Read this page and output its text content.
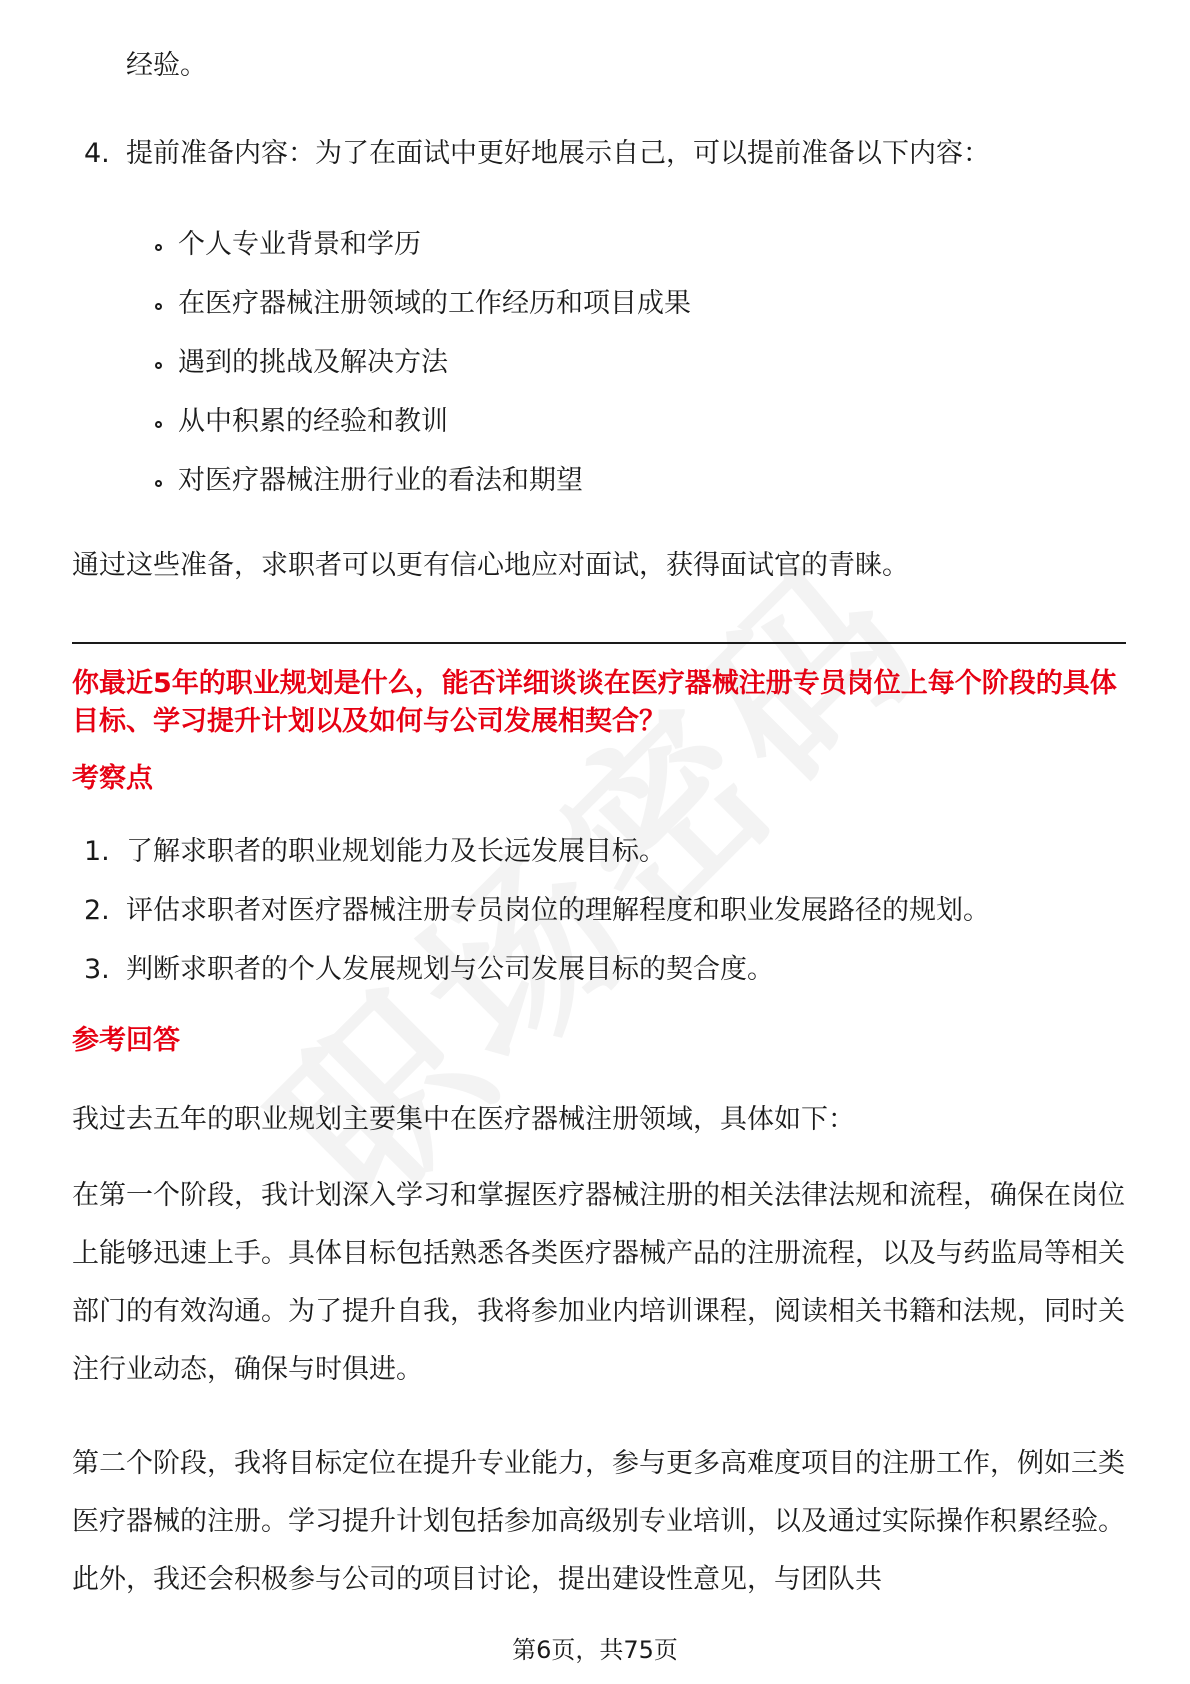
经验。
4. 提前准备内容：为了在面试中更好地展示自己，可以提前准备以下内容：
个人专业背景和学历
在医疗器械注册领域的工作经历和项目成果
遇到的挑战及解决方法
从中积累的经验和教训
对医疗器械注册行业的看法和期望
通过这些准备，求职者可以更有信心地应对面试，获得面试官的青睐。
你最近5年的职业规划是什么，能否详细谈谈在医疗器械注册专员岗位上每个阶段的具体目标、学习提升计划以及如何与公司发展相契合？
考察点
1. 了解求职者的职业规划能力及长远发展目标。
2. 评估求职者对医疗器械注册专员岗位的理解程度和职业发展路径的规划。
3. 判断求职者的个人发展规划与公司发展目标的契合度。
参考回答
我过去五年的职业规划主要集中在医疗器械注册领域，具体如下：
在第一个阶段，我计划深入学习和掌握医疗器械注册的相关法律法规和流程，确保在岗位上能够迅速上手。具体目标包括熟悉各类医疗器械产品的注册流程，以及与药监局等相关部门的有效沟通。为了提升自我，我将参加业内培训课程，阅读相关书籍和法规，同时关注行业动态，确保与时俱进。
第二个阶段，我将目标定位在提升专业能力，参与更多高难度项目的注册工作，例如三类医疗器械的注册。学习提升计划包括参加高级别专业培训，以及通过实际操作积累经验。此外，我还会积极参与公司的项目讨论，提出建设性意见，与团队共
第6页，共75页
